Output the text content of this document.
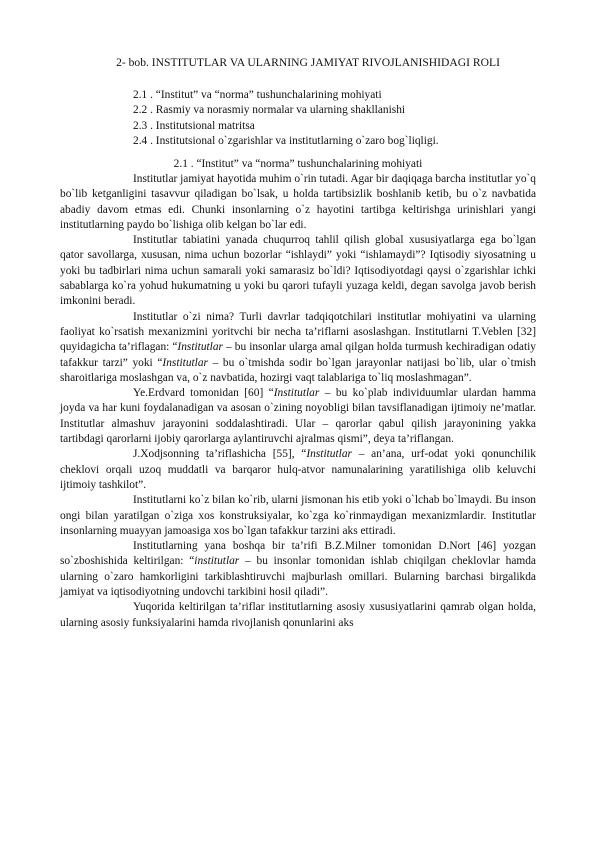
2- bob. INSTITUTLAR VA ULARNING JAMIYAT RIVOJLANISHIDAGI ROLI
2.1 . “Institut” va “norma” tushunchalarining mohiyati
2.2 . Rasmiy va norasmiy normalar va ularning shakllanishi
2.3 . Institutsional matritsa
2.4 . Institutsional o`zgarishlar va institutlarning o`zaro bog`liqligi.
2.1 . “Institut” va “norma” tushunchalarining mohiyati

Institutlar jamiyat hayotida muhim o`rin tutadi. Agar bir daqiqaga barcha institutlar yo`q bo`lib ketganligini tasavvur qiladigan bo`lsak, u holda tartibsizlik boshlanib ketib, bu o`z navbatida abadiy davom etmas edi. Chunki insonlarning o`z hayotini tartibga keltirishga urinishlari yangi institutlarning paydo bo`lishiga olib kelgan bo`lar edi.

Institutlar tabiatini yanada chuqurroq tahlil qilish global xususiyatlarga ega bo`lgan qator savollarga, xususan, nima uchun bozorlar “ishlaydi” yoki “ishlamaydi”? Iqtisodiy siyosatning u yoki bu tadbirlari nima uchun samarali yoki samarasiz bo`ldi? Iqtisodiyotdagi qaysi o`zgarishlar ichki sabablarga ko`ra yohud hukumatning u yoki bu qarori tufayli yuzaga keldi, degan savolga javob berish imkonini beradi.

Institutlar o`zi nima? Turli davrlar tadqiqotchilari institutlar mohiyatini va ularning faoliyat ko`rsatish mexanizmini yoritvchi bir necha ta’riflarni asoslashgan. Institutlarni T.Veblen [32] quyidagicha ta’riflagan: “Institutlar – bu insonlar ularga amal qilgan holda turmush kechiradigan odatiy tafakkur tarzi” yoki “Institutlar – bu o`tmishda sodir bo`lgan jarayonlar natijasi bo`lib, ular o`tmish sharoitlariga moslashgan va, o`z navbatida, hozirgi vaqt talablariga to`liq moslashmagan”.

Ye.Erdvard tomonidan [60] “Institutlar – bu ko`plab individuumlar ulardan hamma joyda va har kuni foydalanadigan va asosan o`zining noyobligi bilan tavsiflanadigan ijtimoiy ne’matlar. Institutlar almashuv jarayonini soddalashtiradi. Ular – qarorlar qabul qilish jarayonining yakka tartibdagi qarorlarni ijobiy qarorlarga aylantiruvchi ajralmas qismi”, deya ta’riflangan.

J.Xodjsonning ta’riflashicha [55], “Institutlar – an’ana, urf-odat yoki qonunchilik cheklovi orqali uzoq muddatli va barqaror hulq-atvor namunalarining yaratilishiga olib keluvchi ijtimoiy tashkilot”.

Institutlarni ko`z bilan ko`rib, ularni jismonan his etib yoki o`lchab bo`lmaydi. Bu inson ongi bilan yaratilgan o`ziga xos konstruksiyalar, ko`zga ko`rinmaydigan mexanizmlardir. Institutlar insonlarning muayyan jamoasiga xos bo`lgan tafakkur tarzini aks ettiradi.

Institutlarning yana boshqa bir ta’rifi B.Z.Milner tomonidan D.Nort [46] yozgan so`zboshishida keltirilgan: “institutlar – bu insonlar tomonidan ishlab chiqilgan cheklovlar hamda ularning o`zaro hamkorligini tarkiblashtiruvchi majburlash omillari. Bularning barchasi birgalikda jamiyat va iqtisodiyotning undovchi tarkibini hosil qiladi”.

Yuqorida keltirilgan ta’riflar institutlarning asosiy xususiyatlarini qamrab olgan holda, ularning asosiy funksiyalarini hamda rivojlanish qonunlarini aks
